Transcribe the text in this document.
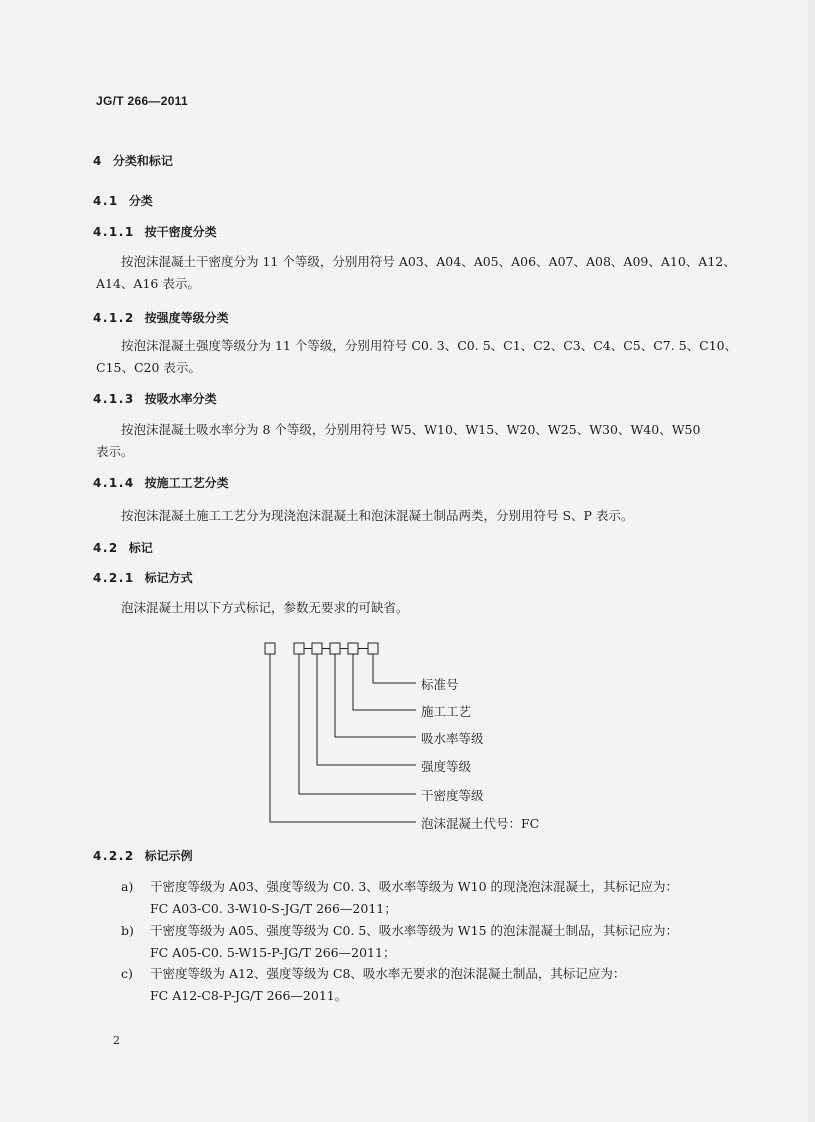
JG/T 266—2011
4 分类和标记
4.1 分类
4.1.1 按干密度分类
按泡沫混凝土干密度分为 11 个等级，分别用符号 A03、A04、A05、A06、A07、A08、A09、A10、A12、
A14、A16 表示。
4.1.2 按强度等级分类
按泡沫混凝土强度等级分为 11 个等级，分别用符号 C0. 3、C0. 5、C1、C2、C3、C4、C5、C7. 5、C10、
C15、C20 表示。
4.1.3 按吸水率分类
按泡沫混凝土吸水率分为 8 个等级，分别用符号 W5、W10、W15、W20、W25、W30、W40、W50
表示。
4.1.4 按施工工艺分类
按泡沫混凝土施工工艺分为现浇泡沫混凝土和泡沫混凝土制品两类，分别用符号 S、P 表示。
4.2 标记
4.2.1 标记方式
泡沫混凝土用以下方式标记，参数无要求的可缺省。
标准号
施工工艺
吸水率等级
强度等级
干密度等级
泡沫混凝土代号：FC
4.2.2 标记示例
a) 干密度等级为 A03、强度等级为 C0. 3、吸水率等级为 W10 的现浇泡沫混凝土，其标记应为：
FC A03-C0. 3-W10-S-JG/T 266—2011；
b) 干密度等级为 A05、强度等级为 C0. 5、吸水率等级为 W15 的泡沫混凝土制品，其标记应为：
FC A05-C0. 5-W15-P-JG/T 266—2011；
c) 干密度等级为 A12、强度等级为 C8、吸水率无要求的泡沫混凝土制品，其标记应为：
FC A12-C8-P-JG/T 266—2011。
2
